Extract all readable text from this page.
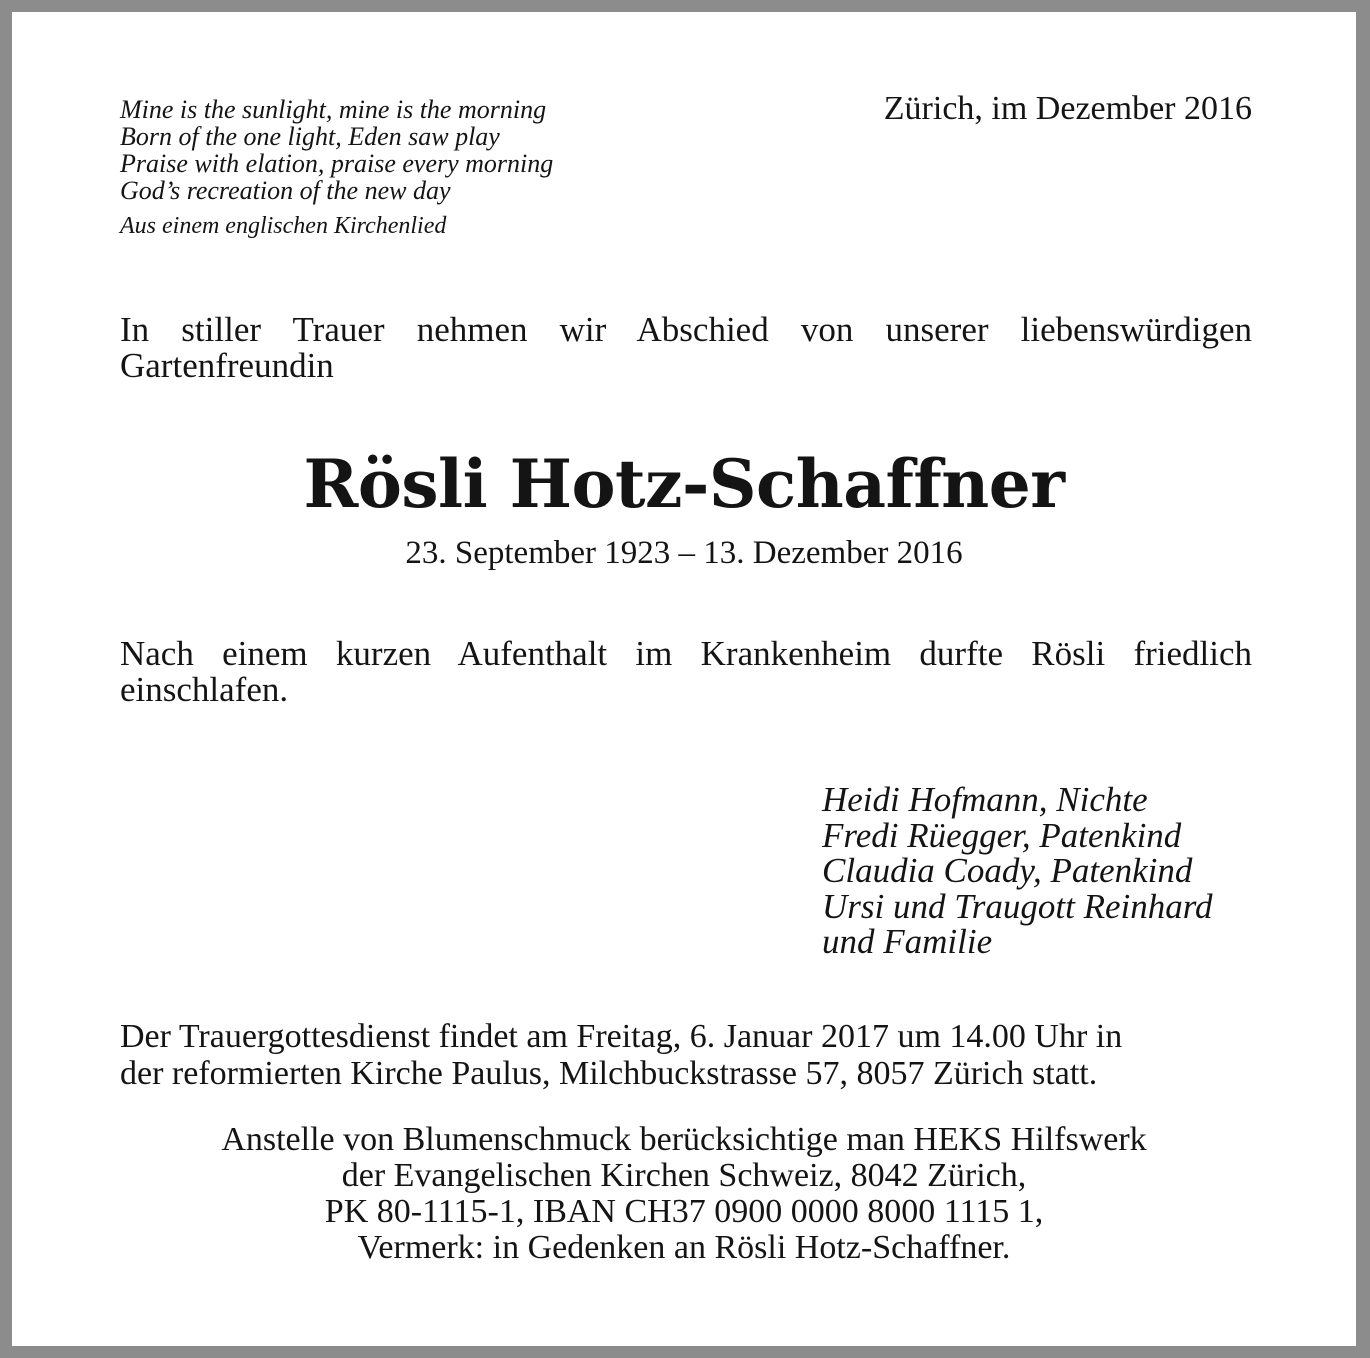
Mine is the sunlight, mine is the morning
Born of the one light, Eden saw play
Praise with elation, praise every morning
God’s recreation of the new day
Aus einem englischen Kirchenlied
Zürich, im Dezember 2016
In stiller Trauer nehmen wir Abschied von unserer liebenswürdigen Gartenfreundin
Rösli Hotz-Schaffner
23. September 1923 – 13. Dezember 2016
Nach einem kurzen Aufenthalt im Krankenheim durfte Rösli friedlich einschlafen.
Heidi Hofmann, Nichte
Fredi Rüegger, Patenkind
Claudia Coady, Patenkind
Ursi und Traugott Reinhard
und Familie
Der Trauergottesdienst findet am Freitag, 6. Januar 2017 um 14.00 Uhr in
der reformierten Kirche Paulus, Milchbuckstrasse 57, 8057 Zürich statt.
Anstelle von Blumenschmuck berücksichtige man HEKS Hilfswerk
der Evangelischen Kirchen Schweiz, 8042 Zürich,
PK 80-1115-1, IBAN CH37 0900 0000 8000 1115 1,
Vermerk: in Gedenken an Rösli Hotz-Schaffner.
